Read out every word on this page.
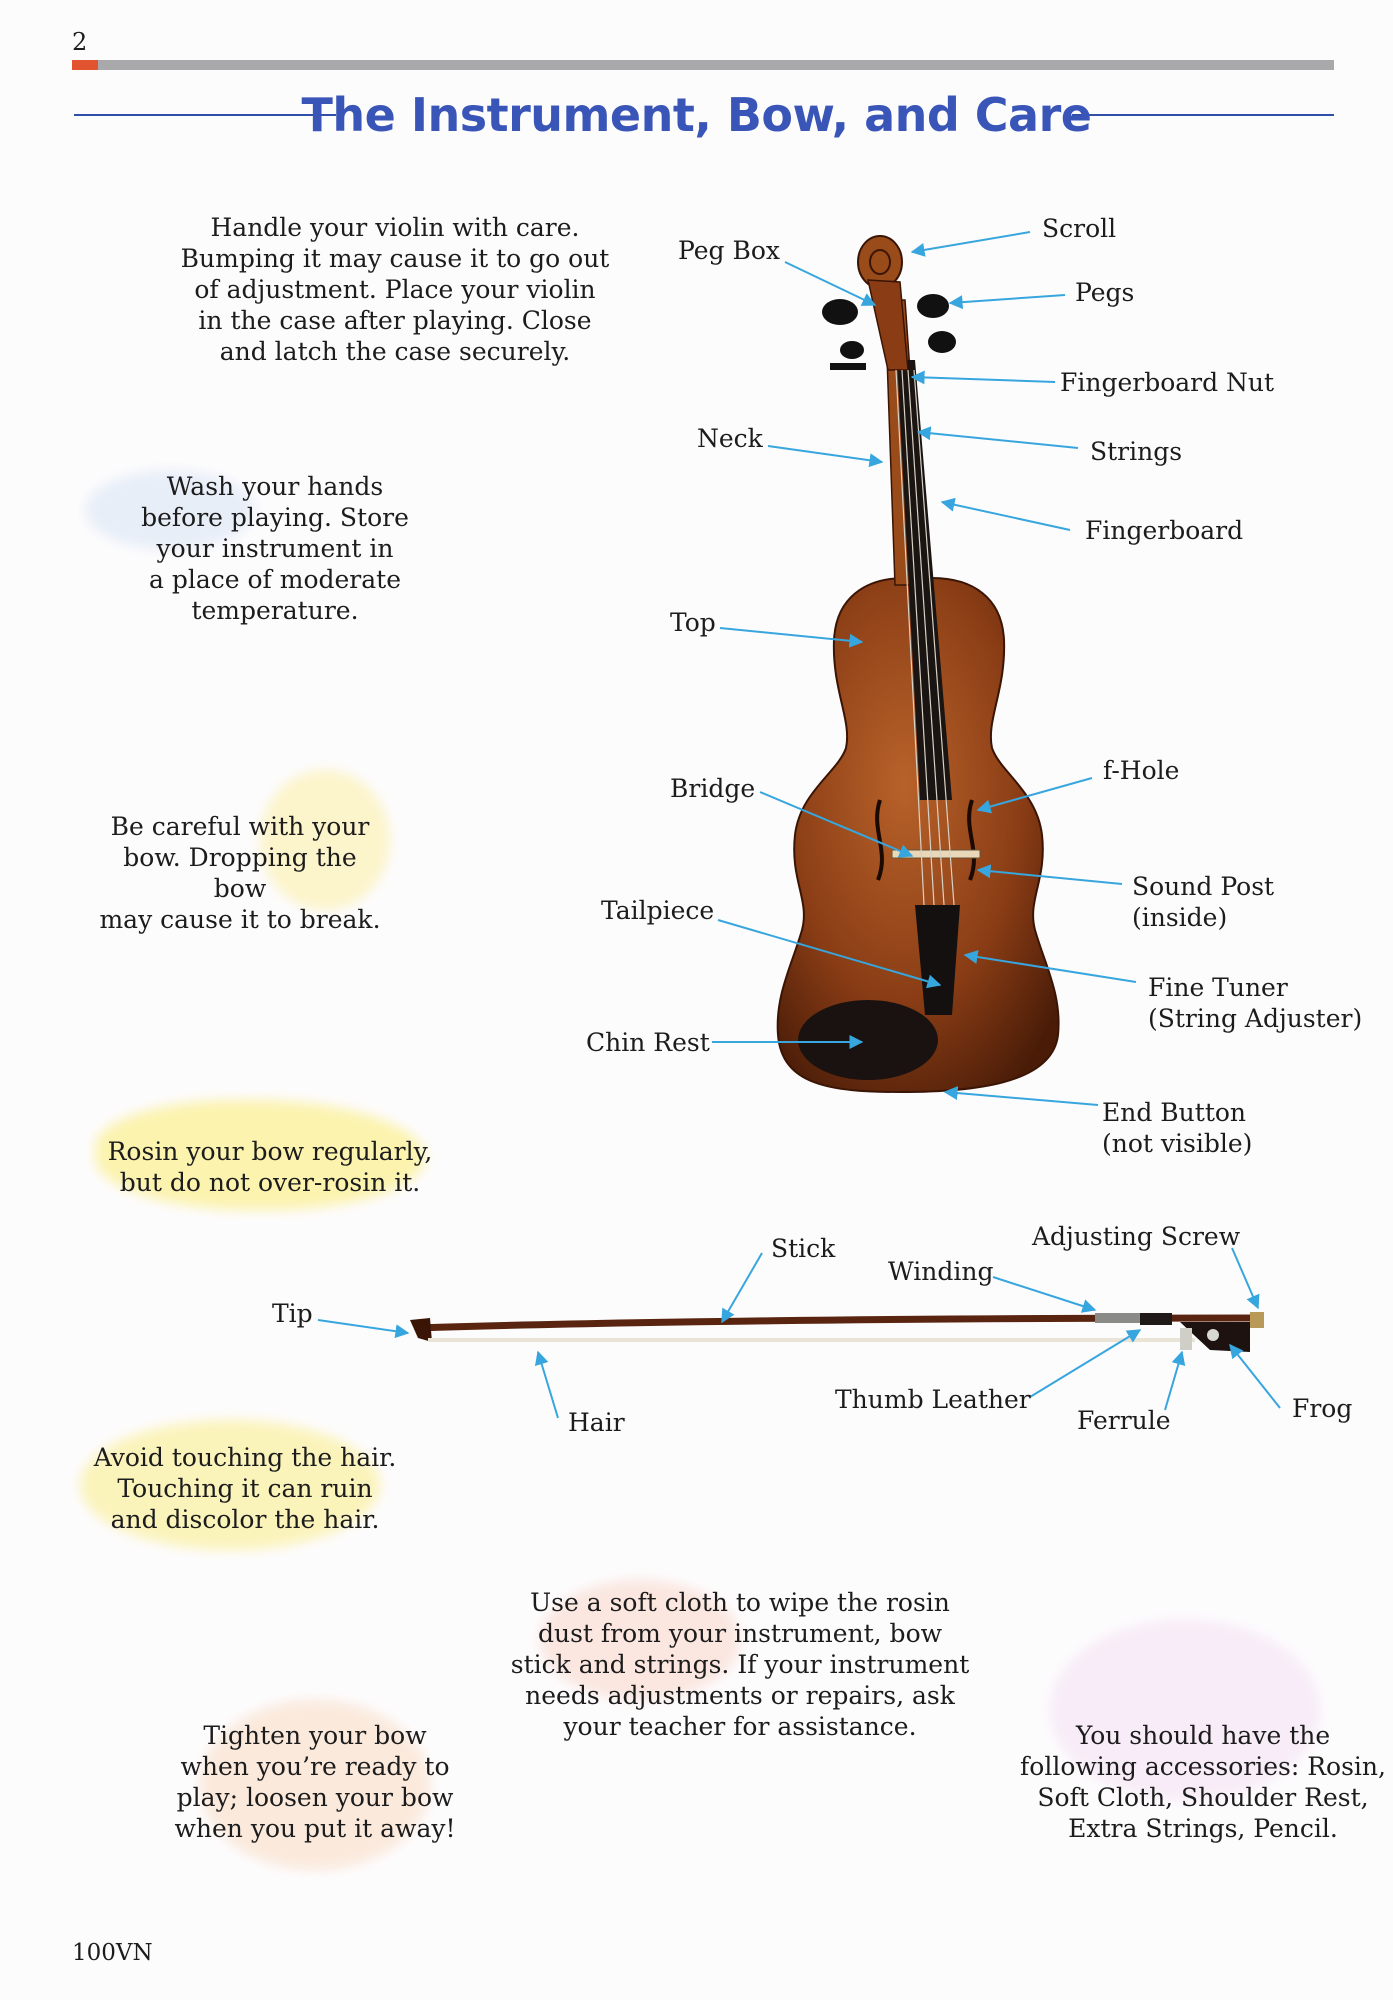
2
The Instrument, Bow, and Care
Handle your violin with care.
Bumping it may cause it to go out
of adjustment. Place your violin
in the case after playing. Close
and latch the case securely.
Wash your hands
before playing. Store
your instrument in
a place of moderate
temperature.
Be careful with your
bow. Dropping the bow
may cause it to break.
Rosin your bow regularly,
but do not over-rosin it.
Avoid touching the hair.
Touching it can ruin
and discolor the hair.
Use a soft cloth to wipe the rosin
dust from your instrument, bow
stick and strings. If your instrument
needs adjustments or repairs, ask
your teacher for assistance.
Tighten your bow
when you’re ready to
play; loosen your bow
when you put it away!
You should have the
following accessories: Rosin,
Soft Cloth, Shoulder Rest,
Extra Strings, Pencil.
Peg Box
Scroll
Pegs
Fingerboard Nut
Neck	Strings
Fingerboard
Top
f-Hole
Bridge
Sound Post
(inside)
Tailpiece
Fine Tuner
(String Adjuster)
Chin Rest
End Button
(not visible)
Stick	Adjusting Screw
Winding
Tip
Hair
Thumb Leather
Ferrule	Frog
100VN
